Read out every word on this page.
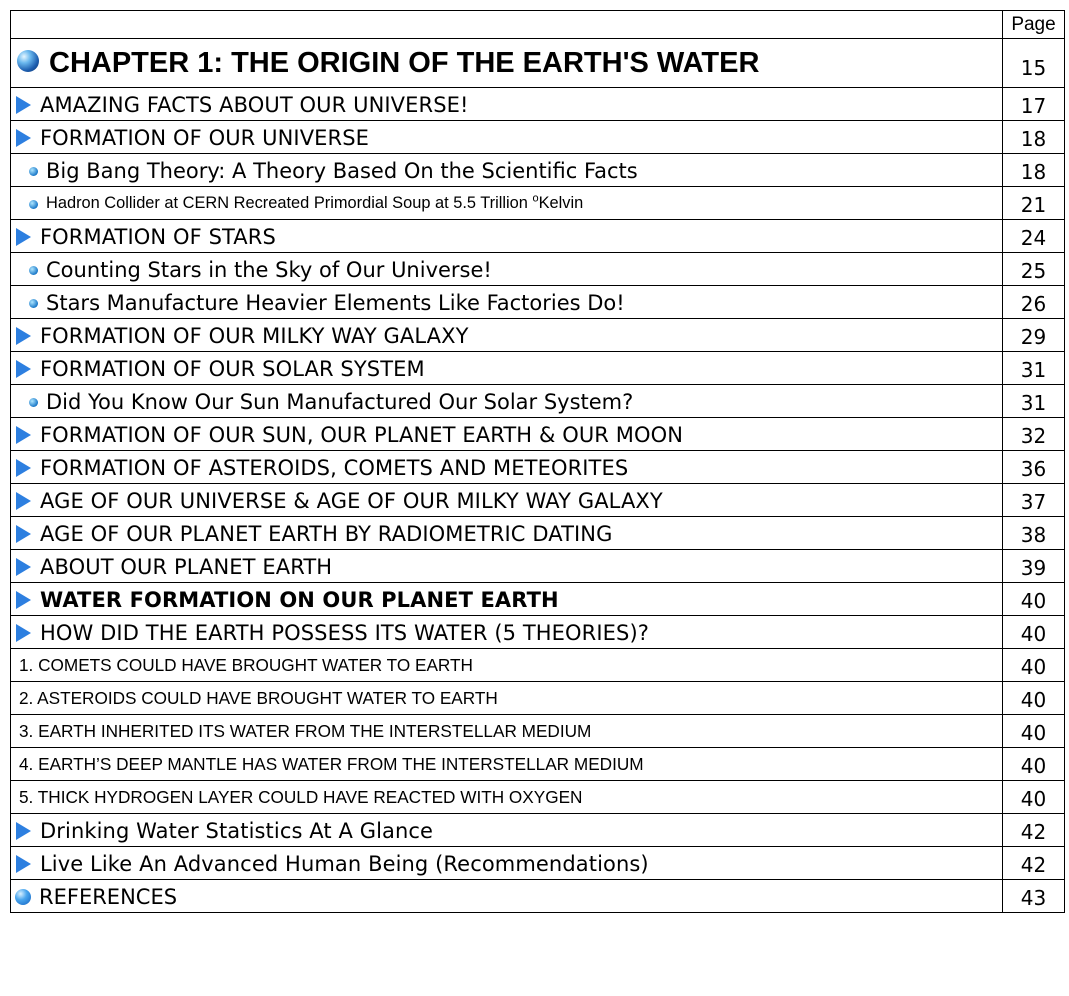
	Page
CHAPTER 1: THE ORIGIN OF THE EARTH'S WATER	15
AMAZING FACTS ABOUT OUR UNIVERSE!	17
FORMATION OF OUR UNIVERSE	18
Big Bang Theory: A Theory Based On the Scientific Facts	18
Hadron Collider at CERN Recreated Primordial Soup at 5.5 Trillion $^o$Kelvin	21
FORMATION OF STARS	24
Counting Stars in the Sky of Our Universe!	25
Stars Manufacture Heavier Elements Like Factories Do!	26
FORMATION OF OUR MILKY WAY GALAXY	29
FORMATION OF OUR SOLAR SYSTEM	31
Did You Know Our Sun Manufactured Our Solar System?	31
FORMATION OF OUR SUN, OUR PLANET EARTH & OUR MOON	32
FORMATION OF ASTEROIDS, COMETS AND METEORITES	36
AGE OF OUR UNIVERSE & AGE OF OUR MILKY WAY GALAXY	37
AGE OF OUR PLANET EARTH BY RADIOMETRIC DATING	38
ABOUT OUR PLANET EARTH	39
WATER FORMATION ON OUR PLANET EARTH	40
HOW DID THE EARTH POSSESS ITS WATER (5 THEORIES)?	40
1. COMETS COULD HAVE BROUGHT WATER TO EARTH	40
2. ASTEROIDS COULD HAVE BROUGHT WATER TO EARTH	40
3. EARTH INHERITED ITS WATER FROM THE INTERSTELLAR MEDIUM	40
4. EARTH’S DEEP MANTLE HAS WATER FROM THE INTERSTELLAR MEDIUM	40
5. THICK HYDROGEN LAYER COULD HAVE REACTED WITH OXYGEN	40
Drinking Water Statistics At A Glance	42
Live Like An Advanced Human Being (Recommendations)	42
REFERENCES	43
